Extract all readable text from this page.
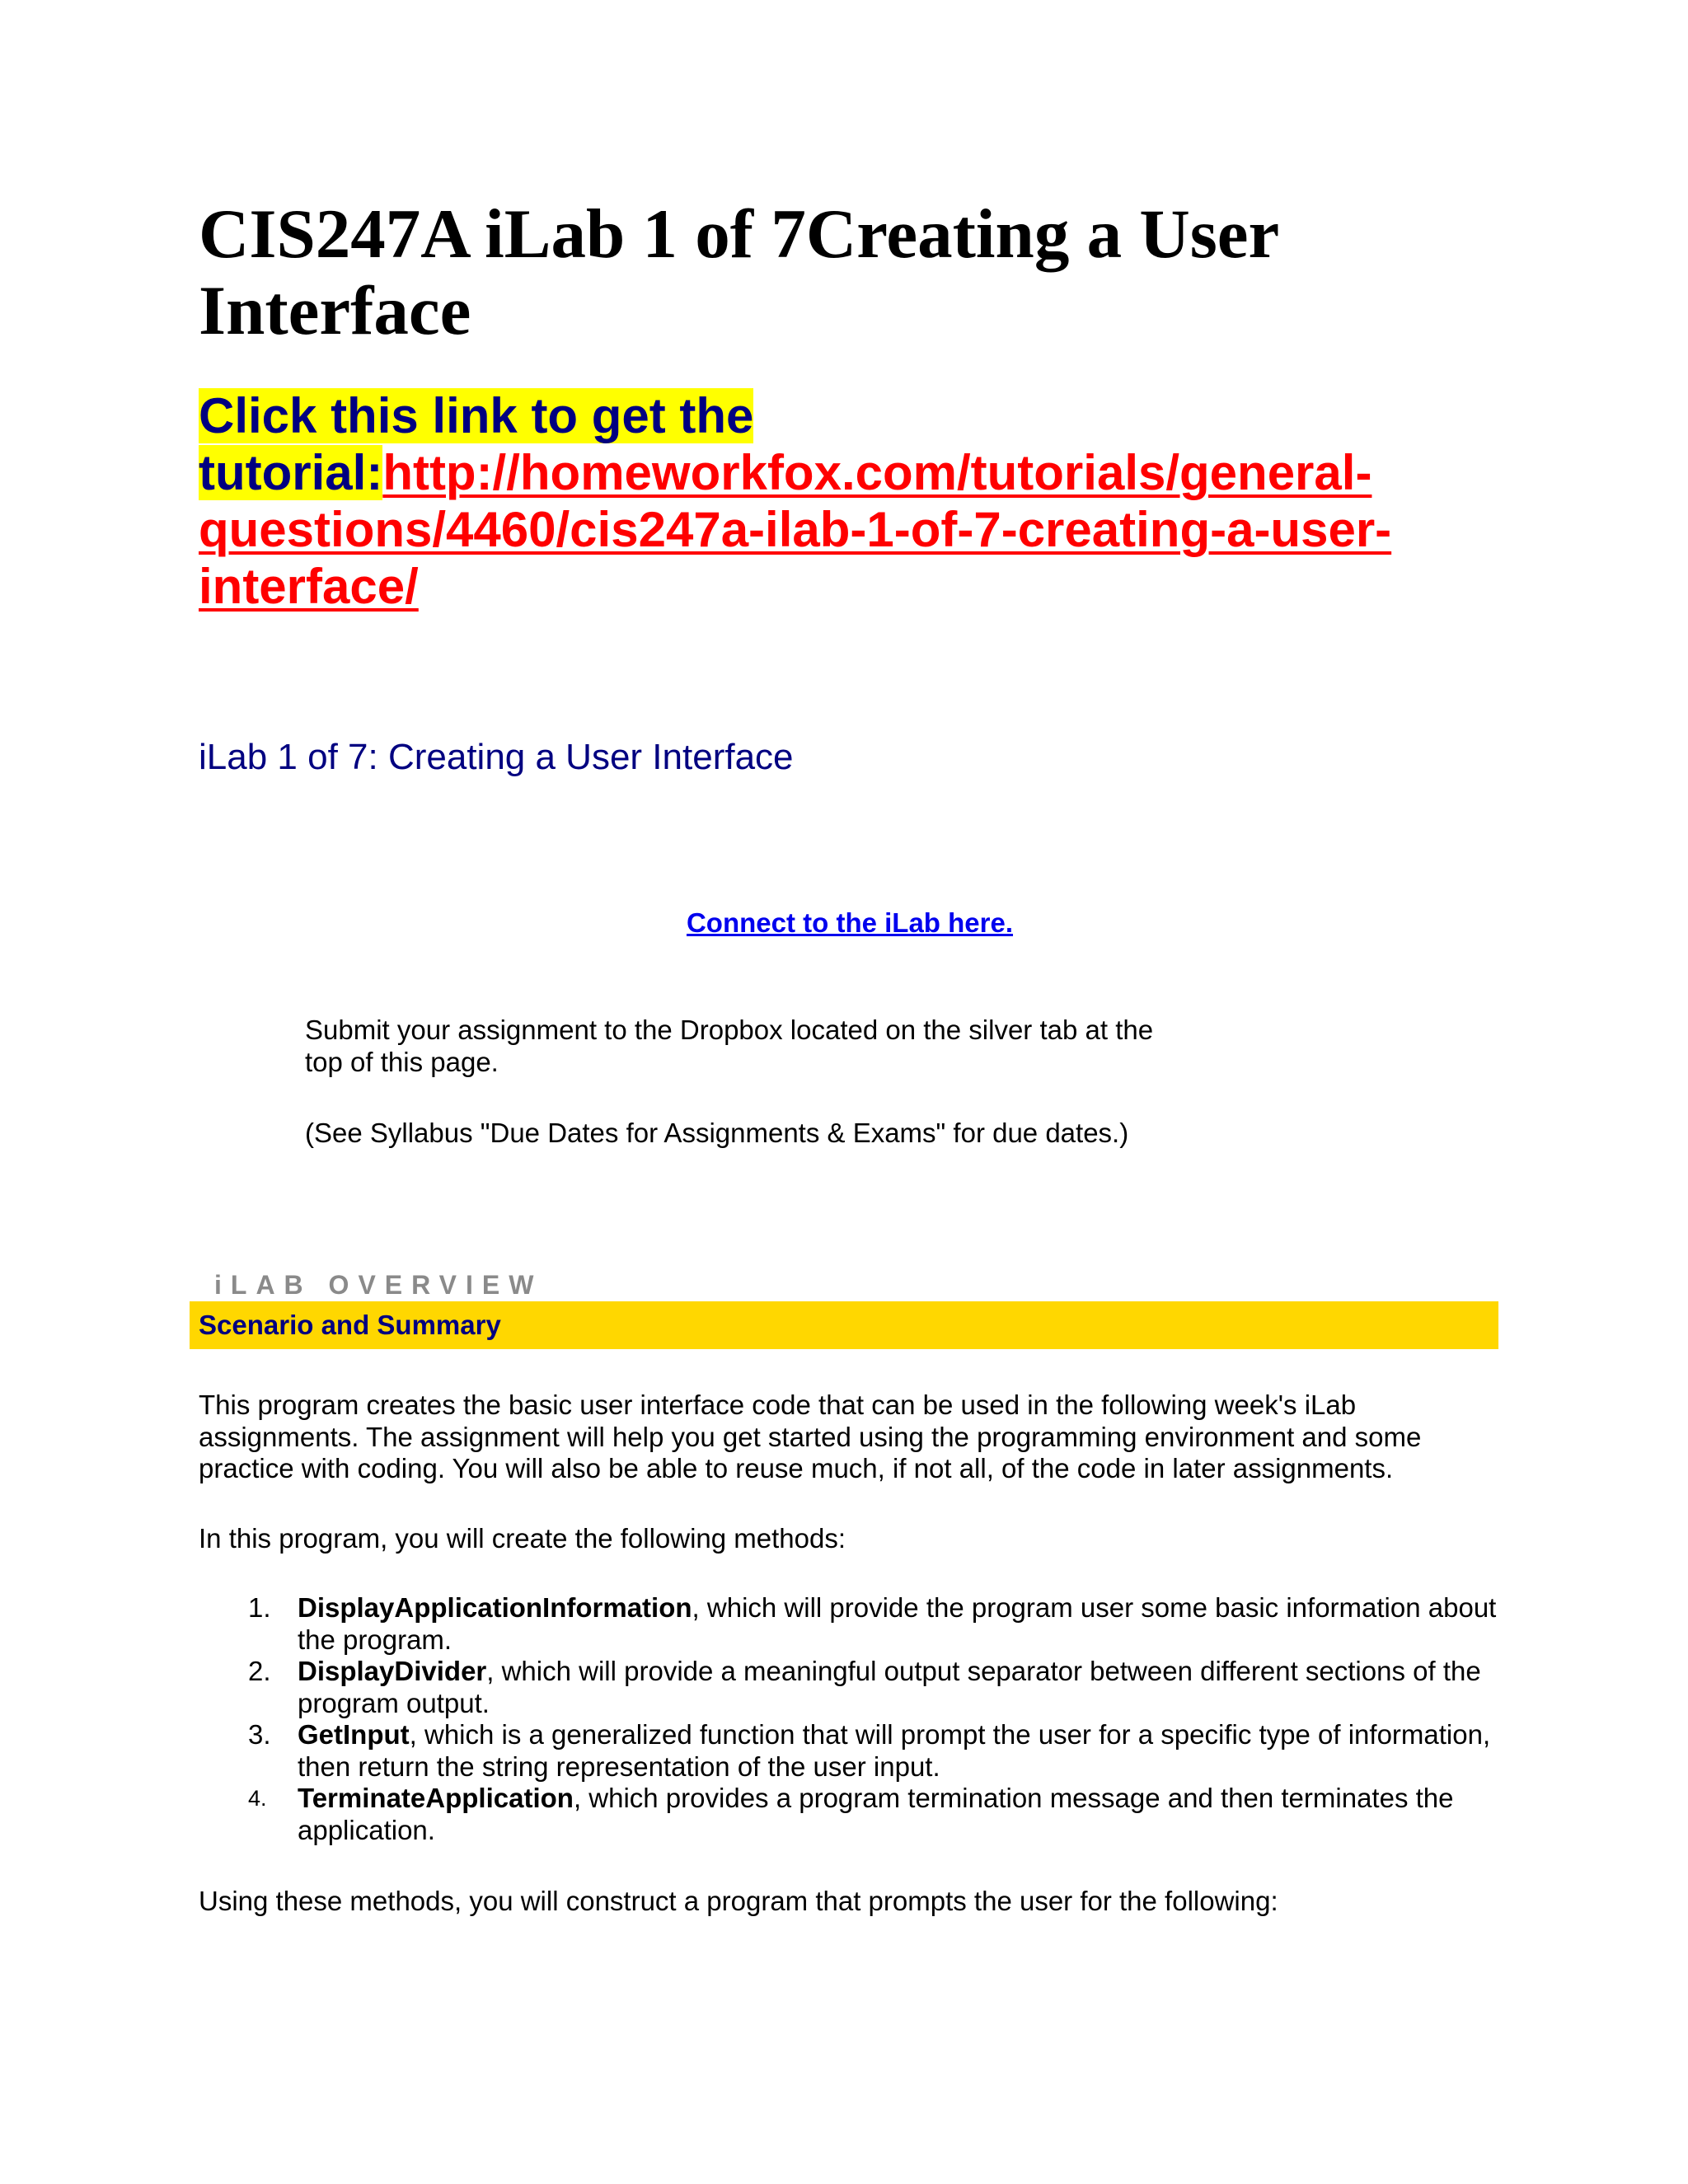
CIS247A iLab 1 of 7Creating a User Interface
Click this link to get the tutorial:http://homeworkfox.com/tutorials/general-questions/4460/cis247a-ilab-1-of-7-creating-a-user-interface/
iLab 1 of 7: Creating a User Interface
Connect to the iLab here.
Submit your assignment to the Dropbox located on the silver tab at the top of this page.
(See Syllabus "Due Dates for Assignments & Exams" for due dates.)
iLAB OVERVIEW
Scenario and Summary

This program creates the basic user interface code that can be used in the following week's iLab assignments. The assignment will help you get started using the programming environment and some practice with coding. You will also be able to reuse much, if not all, of the code in later assignments.

In this program, you will create the following methods:

1. DisplayApplicationInformation, which will provide the program user some basic information about the program.
2. DisplayDivider, which will provide a meaningful output separator between different sections of the program output.
3. GetInput, which is a generalized function that will prompt the user for a specific type of information, then return the string representation of the user input.
4. TerminateApplication, which provides a program termination message and then terminates the application.

Using these methods, you will construct a program that prompts the user for the following:
